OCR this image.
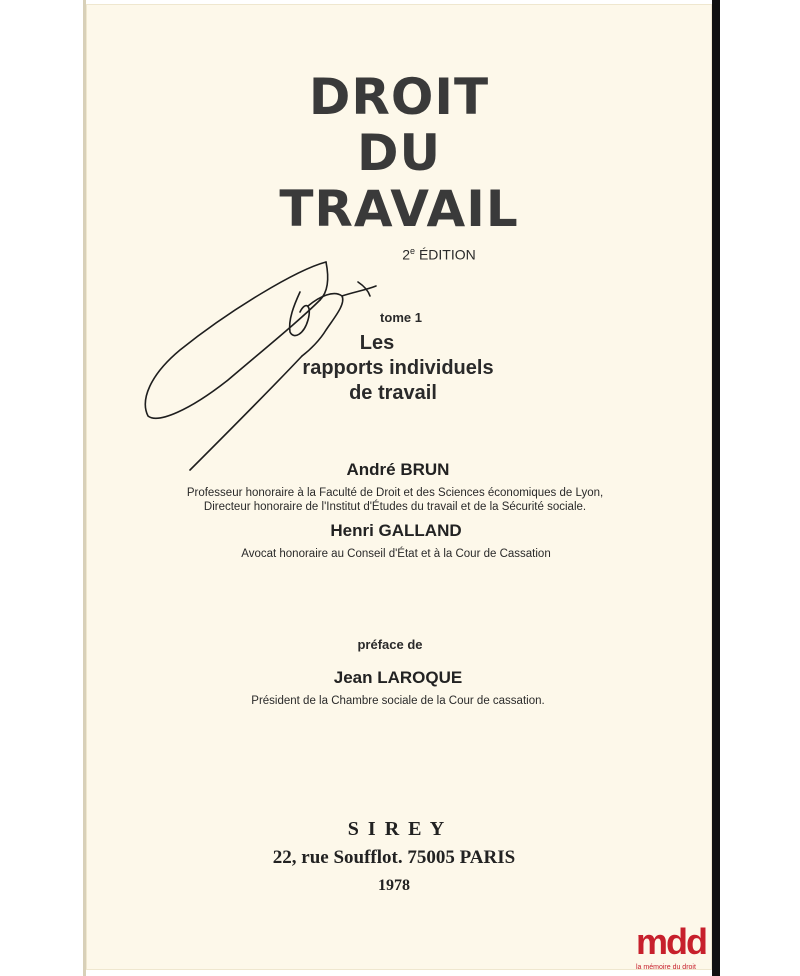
DROIT
DU
TRAVAIL
2e ÉDITION
tome 1
Les
rapports individuels
de travail
André BRUN
Professeur honoraire à la Faculté de Droit et des Sciences économiques de Lyon,
Directeur honoraire de l'Institut d'Études du travail et de la Sécurité sociale.
Henri GALLAND
Avocat honoraire au Conseil d'État et à la Cour de Cassation
préface de
Jean LAROQUE
Président de la Chambre sociale de la Cour de cassation.
S I R E Y
22, rue Soufflot. 75005 PARIS
1978
mdd
la mémoire du droit
